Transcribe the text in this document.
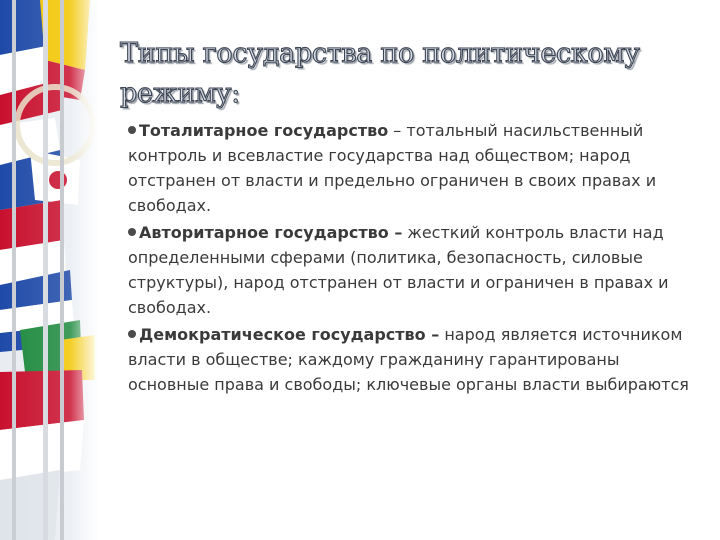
Типы государства по политическому режиму:
Тоталитарное государство – тотальный насильственный контроль и всевластие государства над обществом; народ отстранен от власти и предельно ограничен в своих правах и свободах.
Авторитарное государство – жесткий контроль власти над определенными сферами (политика, безопасность, силовые структуры), народ отстранен от власти и ограничен в правах и свободах.
Демократическое государство – народ является источником власти в обществе; каждому гражданину гарантированы основные права и свободы; ключевые органы власти выбираются
